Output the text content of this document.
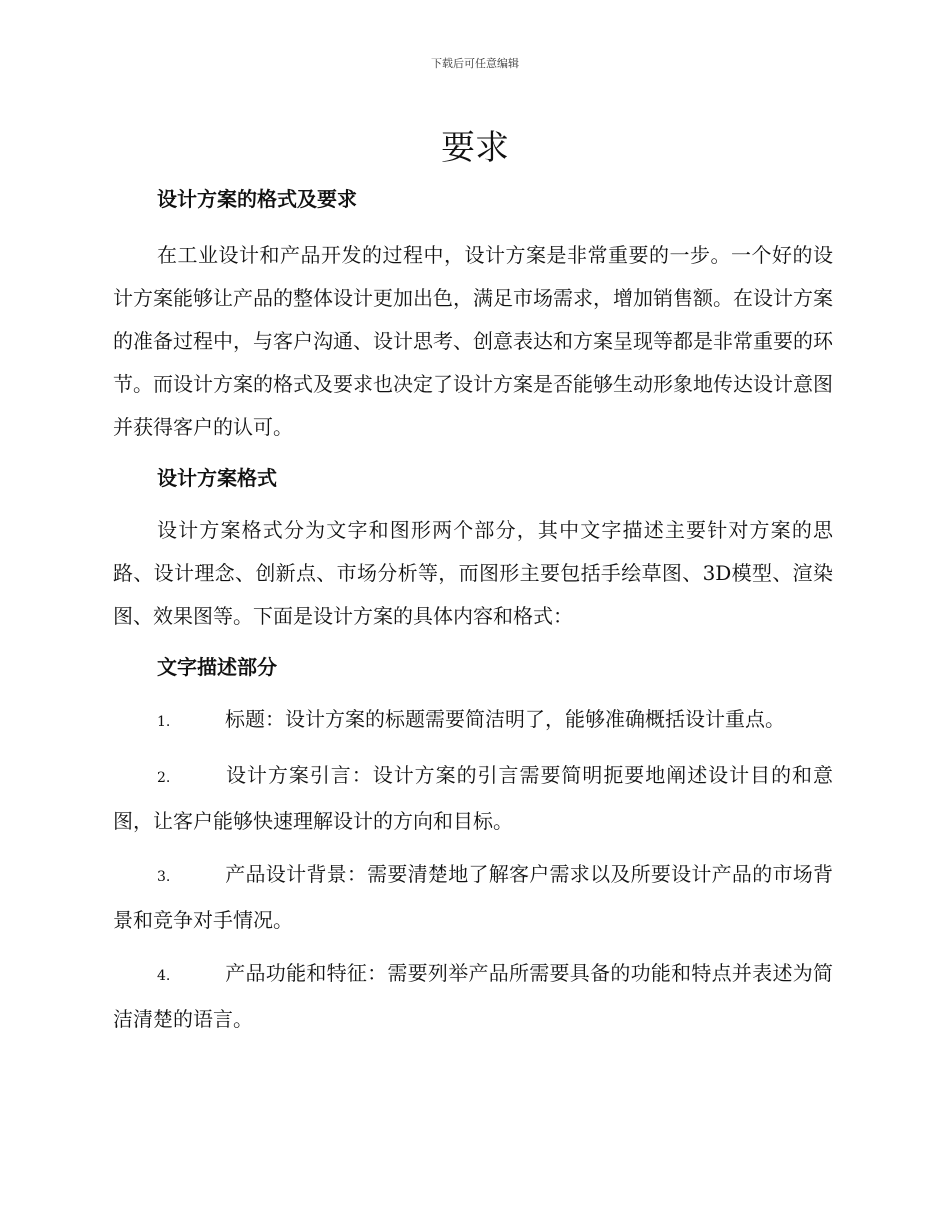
下载后可任意编辑
要求
设计方案的格式及要求

在工业设计和产品开发的过程中，设计方案是非常重要的一步。一个好的设计方案能够让产品的整体设计更加出色，满足市场需求，增加销售额。在设计方案的准备过程中，与客户沟通、设计思考、创意表达和方案呈现等都是非常重要的环节。而设计方案的格式及要求也决定了设计方案是否能够生动形象地传达设计意图并获得客户的认可。

设计方案格式

设计方案格式分为文字和图形两个部分，其中文字描述主要针对方案的思路、设计理念、创新点、市场分析等，而图形主要包括手绘草图、3D模型、渲染图、效果图等。下面是设计方案的具体内容和格式：

文字描述部分

1.	标题：设计方案的标题需要简洁明了，能够准确概括设计重点。

2.	设计方案引言：设计方案的引言需要简明扼要地阐述设计目的和意图，让客户能够快速理解设计的方向和目标。

3.	产品设计背景：需要清楚地了解客户需求以及所要设计产品的市场背景和竞争对手情况。

4.	产品功能和特征：需要列举产品所需要具备的功能和特点并表述为简洁清楚的语言。
